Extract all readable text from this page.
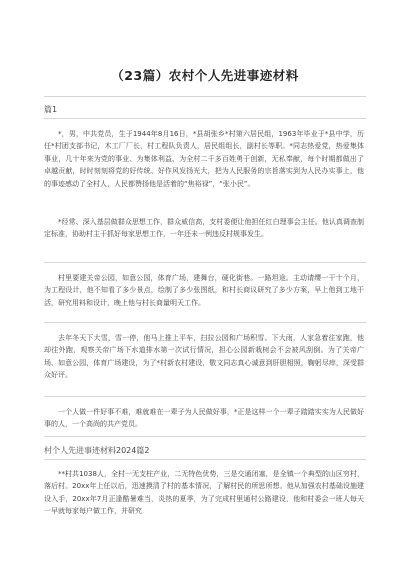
（23篇）农村个人先进事迹材料
篇1

*，男，中共党员，生于1944年8月16日，*县胡张乡*村第六居民组，1963年毕业于*县中学，历任*村团支部书记，木工厂厂长，村工程队负责人，居民组组长，副村长等职。*同志热爱党，热爱集体事业，几十年来为党的事业、为集体利益、为全村二千多百姓勇于创新，无私奉献，每个时期都做出了卓越贡献，时时刻刻将党的好传统、好作风发扬光大，把为人民服务的宗旨落实到为人民办实事上，他的事迹感动了全村人，人民都赞扬他是活着的“焦裕禄”，“张小民”。

*经常、深入基层做群众思想工作，群众威信高，支村委便让他担任红白理事会主任。他认真调查制定标准，协助村主干抓好每家思想工作，一年还未一例违反村规事发生。

村里要建关帝公园，如意公园，体育广场，建舞台，硬化街巷。一路坦途。主动请缨一干十个月，为工程设计，他不知看了多少景点，绘制了多少张图纸，和村长商议研究了多少方案，早上他到工地干活，研究用料和设计，晚上他与村长商量明天工作。

去年冬天下大雪，雪一停，他马上推上平车，扫拉公园和广场积雪。下大雨，人家急着往家跑，他却往外跑，观察关帝广场下水道排水第一次试行情况，担心公园新栽树会不会被风刮倒。为了关帝广场、如意公园，体育广场建设，为了*村新农村建设，敬文同志真心诚意到肝胆相照，鞠躬尽瘁，深受群众好评。

一个人做一件好事不难，难就难在一辈子为人民做好事，*正是这样一个一辈子踏踏实实为人民做好事的人，一个高尚的共产党员。

村个人先进事迹材料2024篇2

**村共1038人，全村一无支柱产业，二无特色优势，三是交通闭塞，是全镇一个典型的山区穷村，落后村。20xx年上任以后，迅速摸清了村的基本情况，了解村民的所思所想。他从加强农村基础设施建设入手，20xx年7月正逢酷暑难当，炎热的夏季，为了完成村里通村公路建设，他和村委会一班人每天一早就每家每户做工作，并研究
